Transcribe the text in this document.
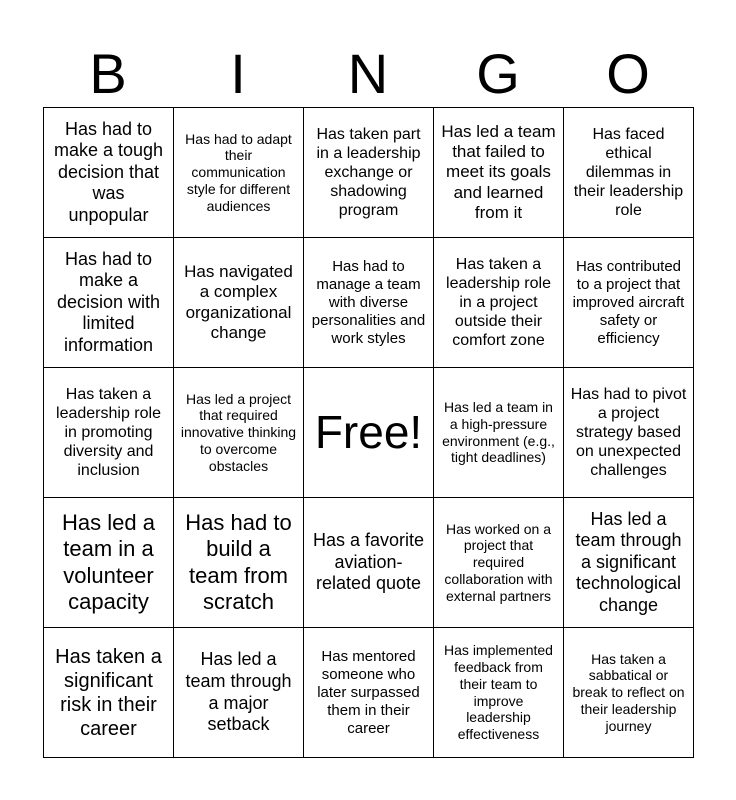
B	I	N	G	O
Has had to make a tough decision that was unpopular	Has had to adapt their communication style for different audiences	Has taken part in a leadership exchange or shadowing program	Has led a team that failed to meet its goals and learned from it	Has faced ethical dilemmas in their leadership role
Has had to make a decision with limited information	Has navigated a complex organizational change	Has had to manage a team with diverse personalities and work styles	Has taken a leadership role in a project outside their comfort zone	Has contributed to a project that improved aircraft safety or efficiency
Has taken a leadership role in promoting diversity and inclusion	Has led a project that required innovative thinking to overcome obstacles	Free!	Has led a team in a high-pressure environment (e.g., tight deadlines)	Has had to pivot a project strategy based on unexpected challenges
Has led a team in a volunteer capacity	Has had to build a team from scratch	Has a favorite aviation-related quote	Has worked on a project that required collaboration with external partners	Has led a team through a significant technological change
Has taken a significant risk in their career	Has led a team through a major setback	Has mentored someone who later surpassed them in their career	Has implemented feedback from their team to improve leadership effectiveness	Has taken a sabbatical or break to reflect on their leadership journey
